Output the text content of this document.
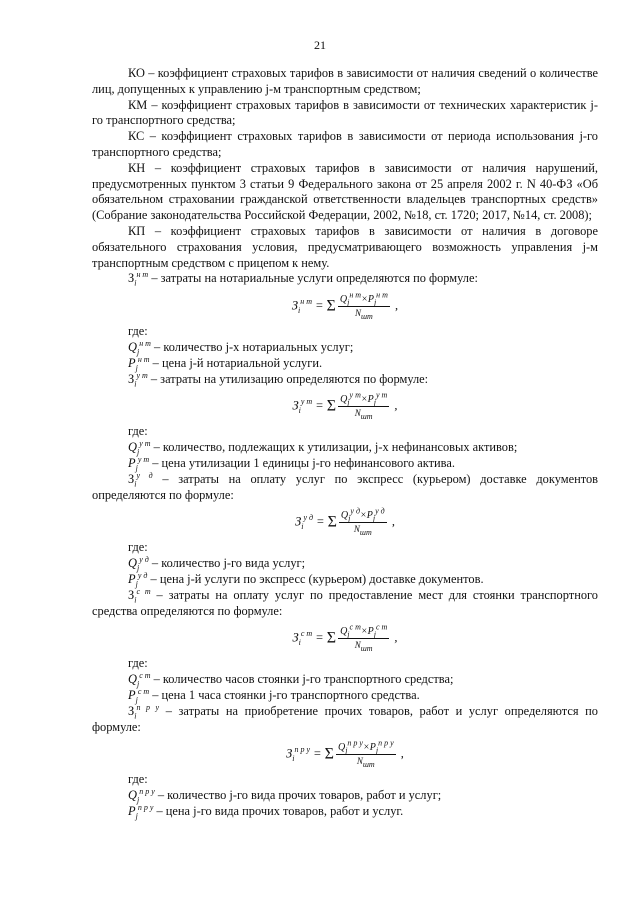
21

КО – коэффициент страховых тарифов в зависимости от наличия сведений о количестве лиц, допущенных к управлению j-м транспортным средством;

КМ – коэффициент страховых тарифов в зависимости от технических характеристик j-го транспортного средства;

КС – коэффициент страховых тарифов в зависимости от периода использования j-го транспортного средства;

КН – коэффициент страховых тарифов в зависимости от наличия нарушений, предусмотренных пунктом 3 статьи 9 Федерального закона от 25 апреля 2002 г. N 40-ФЗ «Об обязательном страховании гражданской ответственности владельцев транспортных средств» (Собрание законодательства Российской Федерации, 2002, №18, ст. 1720; 2017, №14, ст. 2008);

КП – коэффициент страховых тарифов в зависимости от наличия в договоре обязательного страхования условия, предусматривающего возможность управления j-м транспортным средством с прицепом к нему.

$З_i^{н т}$ – затраты на нотариальные услуги определяются по формуле:

$З_i^{н т} = \Sigma \frac{Q_j^{н т}\times P_j^{н т}}{N_{шт}}$ ,

где:

$Q_j^{н т}$ – количество j-х нотариальных услуг;

$P_j^{н т}$ – цена j-й нотариальной услуги.

$З_i^{у т}$ – затраты на утилизацию определяются по формуле:

$З_i^{у т} = \Sigma \frac{Q_j^{у т}\times P_j^{у т}}{N_{шт}}$ ,

где:

$Q_j^{у т}$ – количество, подлежащих к утилизации, j-х нефинансовых активов;

$P_j^{у т}$ – цена утилизации 1 единицы j-го нефинансового актива.

$З_i^{у д}$ – затраты на оплату услуг по экспресс (курьером) доставке документов определяются по формуле:

$З_i^{у д} = \Sigma \frac{Q_j^{у д}\times P_j^{у д}}{N_{шт}}$ ,

где:

$Q_j^{у д}$ – количество j-го вида услуг;

$P_j^{у д}$ – цена j-й услуги по экспресс (курьером) доставке документов.

$З_i^{с т}$ – затраты на оплату услуг по предоставление мест для стоянки транспортного средства определяются по формуле:

$З_i^{с т} = \Sigma \frac{Q_j^{с т}\times P_j^{с т}}{N_{шт}}$ ,

где:

$Q_j^{с т}$ – количество часов стоянки j-го транспортного средства;

$P_j^{с т}$ – цена 1 часа стоянки j-го транспортного средства.

$З_i^{п р у}$ – затраты на приобретение прочих товаров, работ и услуг определяются по формуле:

$З_i^{п р у} = \Sigma \frac{Q_j^{п р у}\times P_j^{п р у}}{N_{шт}}$ ,

где:

$Q_j^{п р у}$ – количество j-го вида прочих товаров, работ и услуг;

$P_j^{п р у}$ – цена j-го вида прочих товаров, работ и услуг.
